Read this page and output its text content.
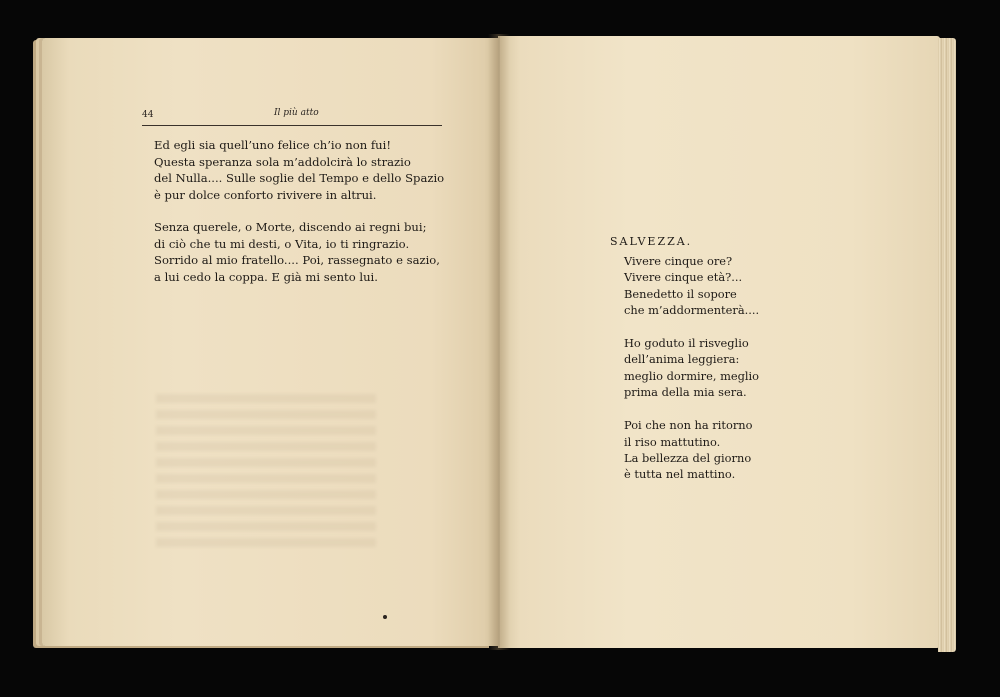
44	Il più atto
Ed egli sia quell’uno felice ch’io non fui!
Questa speranza sola m’addolcirà lo strazio
del Nulla.... Sulle soglie del Tempo e dello Spazio
è pur dolce conforto rivivere in altrui.
Senza querele, o Morte, discendo ai regni bui;
di ciò che tu mi desti, o Vita, io ti ringrazio.
Sorrido al mio fratello.... Poi, rassegnato e sazio,
a lui cedo la coppa. E già mi sento lui.
SALVEZZA.
Vivere cinque ore?
Vivere cinque età?...
Benedetto il sopore
che m’addormenterà....
Ho goduto il risveglio
dell’anima leggiera:
meglio dormire, meglio
prima della mia sera.
Poi che non ha ritorno
il riso mattutino.
La bellezza del giorno
è tutta nel mattino.
